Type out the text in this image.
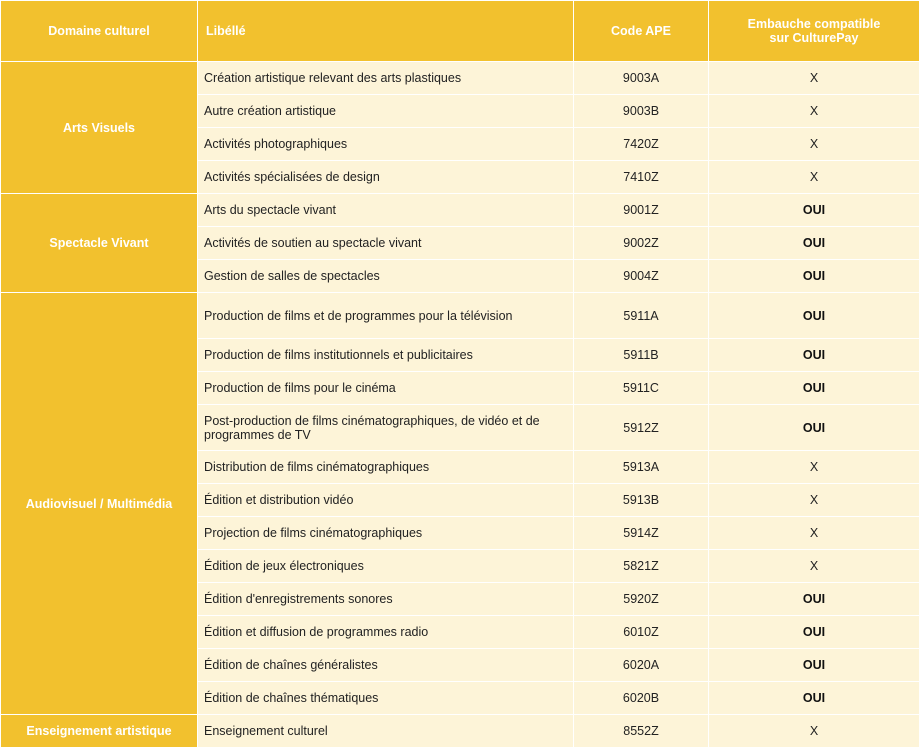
Domaine culturel	Libéllé	Code APE	Embauche compatible
sur CulturePay
Arts Visuels	Création artistique relevant des arts plastiques	9003A	X
	Autre création artistique	9003B	X
	Activités photographiques	7420Z	X
	Activités spécialisées de design	7410Z	X
Spectacle Vivant	Arts du spectacle vivant	9001Z	OUI
	Activités de soutien au spectacle vivant	9002Z	OUI
	Gestion de salles de spectacles	9004Z	OUI
Audiovisuel / Multimédia	Production de films et de programmes pour la télévision	5911A	OUI
	Production de films institutionnels et publicitaires	5911B	OUI
	Production de films pour le cinéma	5911C	OUI
	Post-production de films cinématographiques, de vidéo et de programmes de TV	5912Z	OUI
	Distribution de films cinématographiques	5913A	X
	Édition et distribution vidéo	5913B	X
	Projection de films cinématographiques	5914Z	X
	Édition de jeux électroniques	5821Z	X
	Édition d'enregistrements sonores	5920Z	OUI
	Édition et diffusion de programmes radio	6010Z	OUI
	Édition de chaînes généralistes	6020A	OUI
	Édition de chaînes thématiques	6020B	OUI
Enseignement artistique	Enseignement culturel	8552Z	X
